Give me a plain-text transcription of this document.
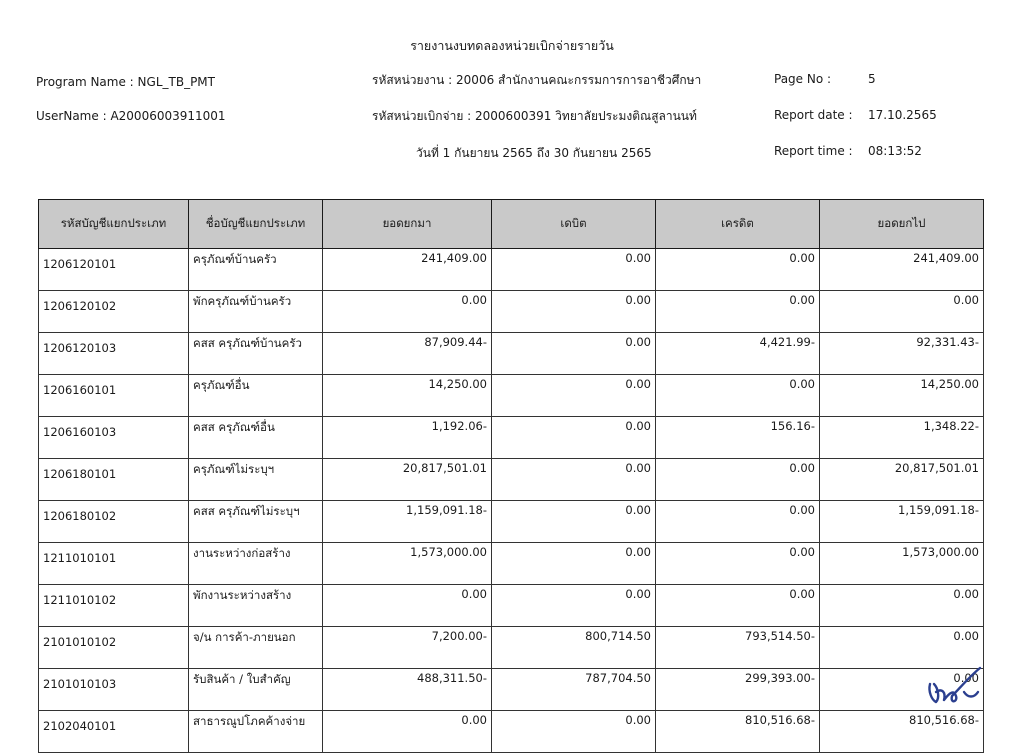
รายงานงบทดลองหน่วยเบิกจ่ายรายวัน
Program Name : NGL_TB_PMT
UserName : A20006003911001
รหัสหน่วยงาน : 20006 สำนักงานคณะกรรมการการอาชีวศึกษา
รหัสหน่วยเบิกจ่าย : 2000600391 วิทยาลัยประมงติณสูลานนท์
วันที่ 1 กันยายน 2565 ถึง 30 กันยายน 2565
Page No :	5
Report date : 17.10.2565
Report time : 08:13:52
รหัสบัญชีแยกประเภท	ชื่อบัญชีแยกประเภท	ยอดยกมา	เดบิต	เครดิต	ยอดยกไป
1206120101	ครุภัณฑ์บ้านครัว	241,409.00	0.00	0.00	241,409.00
1206120102	พักครุภัณฑ์บ้านครัว	0.00	0.00	0.00	0.00
1206120103	คสส ครุภัณฑ์บ้านครัว	87,909.44-	0.00	4,421.99-	92,331.43-
1206160101	ครุภัณฑ์อื่น	14,250.00	0.00	0.00	14,250.00
1206160103	คสส ครุภัณฑ์อื่น	1,192.06-	0.00	156.16-	1,348.22-
1206180101	ครุภัณฑ์ไม่ระบุฯ	20,817,501.01	0.00	0.00	20,817,501.01
1206180102	คสส ครุภัณฑ์ไม่ระบุฯ	1,159,091.18-	0.00	0.00	1,159,091.18-
1211010101	งานระหว่างก่อสร้าง	1,573,000.00	0.00	0.00	1,573,000.00
1211010102	พักงานระหว่างสร้าง	0.00	0.00	0.00	0.00
2101010102	จ/น การค้า-ภายนอก	7,200.00-	800,714.50	793,514.50-	0.00
2101010103	รับสินค้า / ใบสำคัญ	488,311.50-	787,704.50	299,393.00-	0.00
2102040101	สาธารณูปโภคค้างจ่าย	0.00	0.00	810,516.68-	810,516.68-
